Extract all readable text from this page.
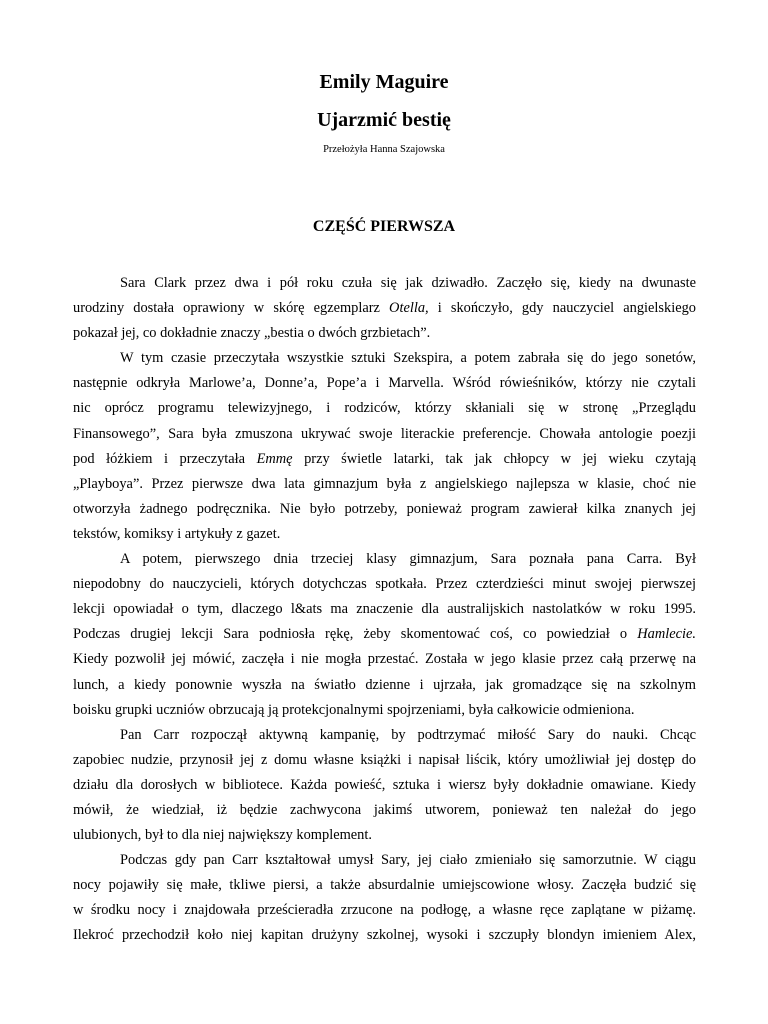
Emily Maguire
Ujarzmić bestię
Przełożyła Hanna Szajowska
CZĘŚĆ PIERWSZA
Sara Clark przez dwa i pół roku czuła się jak dziwadło. Zaczęło się, kiedy na dwunaste
urodziny dostała oprawiony w skórę egzemplarz Otella, i skończyło, gdy nauczyciel angielskiego
pokazał jej, co dokładnie znaczy „bestia o dwóch grzbietach”.
W tym czasie przeczytała wszystkie sztuki Szekspira, a potem zabrała się do jego sonetów,
następnie odkryła Marlowe’a, Donne’a, Pope’a i Marvella. Wśród rówieśników, którzy nie czytali
nic oprócz programu telewizyjnego, i rodziców, którzy skłaniali się w stronę „Przeglądu
Finansowego”, Sara była zmuszona ukrywać swoje literackie preferencje. Chowała antologie poezji
pod łóżkiem i przeczytała Emmę przy świetle latarki, tak jak chłopcy w jej wieku czytają
„Playboya”. Przez pierwsze dwa lata gimnazjum była z angielskiego najlepsza w klasie, choć nie
otworzyła żadnego podręcznika. Nie było potrzeby, ponieważ program zawierał kilka znanych jej
tekstów, komiksy i artykuły z gazet.
A potem, pierwszego dnia trzeciej klasy gimnazjum, Sara poznała pana Carra. Był
niepodobny do nauczycieli, których dotychczas spotkała. Przez czterdzieści minut swojej pierwszej
lekcji opowiadał o tym, dlaczego l&ats ma znaczenie dla australijskich nastolatków w roku 1995.
Podczas drugiej lekcji Sara podniosła rękę, żeby skomentować coś, co powiedział o Hamlecie.
Kiedy pozwolił jej mówić, zaczęła i nie mogła przestać. Została w jego klasie przez całą przerwę na
lunch, a kiedy ponownie wyszła na światło dzienne i ujrzała, jak gromadzące się na szkolnym
boisku grupki uczniów obrzucają ją protekcjonalnymi spojrzeniami, była całkowicie odmieniona.
Pan Carr rozpoczął aktywną kampanię, by podtrzymać miłość Sary do nauki. Chcąc
zapobiec nudzie, przynosił jej z domu własne książki i napisał liścik, który umożliwiał jej dostęp do
działu dla dorosłych w bibliotece. Każda powieść, sztuka i wiersz były dokładnie omawiane. Kiedy
mówił, że wiedział, iż będzie zachwycona jakimś utworem, ponieważ ten należał do jego
ulubionych, był to dla niej największy komplement.
Podczas gdy pan Carr kształtował umysł Sary, jej ciało zmieniało się samorzutnie. W ciągu
nocy pojawiły się małe, tkliwe piersi, a także absurdalnie umiejscowione włosy. Zaczęła budzić się
w środku nocy i znajdowała prześcieradła zrzucone na podłogę, a własne ręce zaplątane w piżamę.
Ilekroć przechodził koło niej kapitan drużyny szkolnej, wysoki i szczupły blondyn imieniem Alex,
